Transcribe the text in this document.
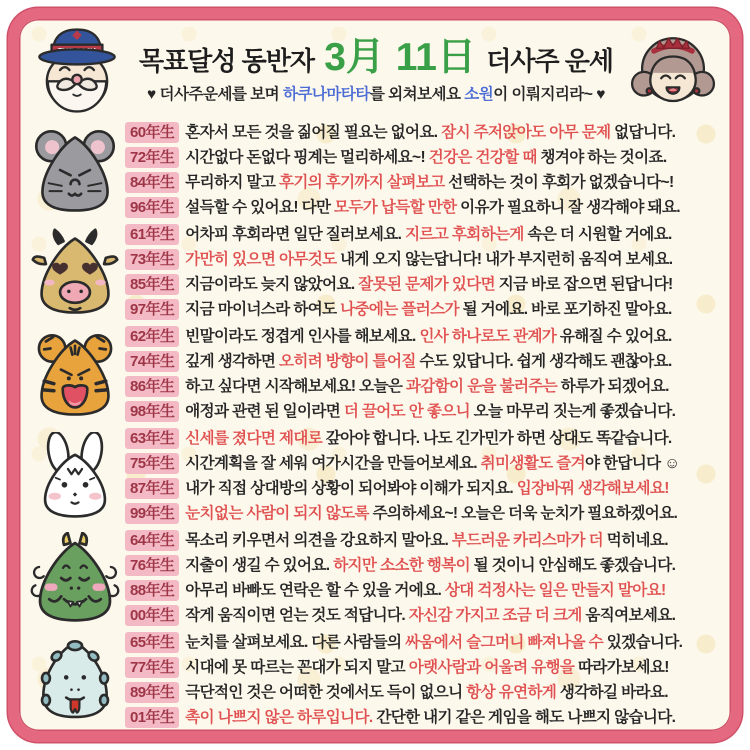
목표달성 동반자 3月 11日 더사주 운세
♥ 더사주운세를 보며 하쿠나마타타를 외쳐보세요 소원이 이뤄지리라~ ♥
60年生 혼자서 모든 것을 짊어질 필요는 없어요. 잠시 주저앉아도 아무 문제 없답니다.
72年生 시간없다 돈없다 핑계는 멀리하세요~! 건강은 건강할 때 챙겨야 하는 것이죠.
84年生 무리하지 말고 후기의 후기까지 살펴보고 선택하는 것이 후회가 없겠습니다~!
96年生 설득할 수 있어요! 다만 모두가 납득할 만한 이유가 필요하니 잘 생각해야 돼요.
61年生 어차피 후회라면 일단 질러보세요. 지르고 후회하는게 속은 더 시원할 거에요.
73年生 가만히 있으면 아무것도 내게 오지 않는답니다! 내가 부지런히 움직여 보세요.
85年生 지금이라도 늦지 않았어요. 잘못된 문제가 있다면 지금 바로 잡으면 된답니다!
97年生 지금 마이너스라 하여도 나중에는 플러스가 될 거에요. 바로 포기하진 말아요.
62年生 빈말이라도 정겹게 인사를 해보세요. 인사 하나로도 관계가 유해질 수 있어요.
74年生 깊게 생각하면 오히려 방향이 틀어질 수도 있답니다. 쉽게 생각해도 괜찮아요.
86年生 하고 싶다면 시작해보세요! 오늘은 과감함이 운을 불러주는 하루가 되겠어요.
98年生 애정과 관련 된 일이라면 더 끌어도 안 좋으니 오늘 마무리 짓는게 좋겠습니다.
63年生 신세를 졌다면 제대로 갚아야 합니다. 나도 긴가민가 하면 상대도 똑같습니다.
75年生 시간계획을 잘 세워 여가시간을 만들어보세요. 취미생활도 즐겨야 한답니다 ☺
87年生 내가 직접 상대방의 상황이 되어봐야 이해가 되지요. 입장바꿔 생각해보세요!
99年生 눈치없는 사람이 되지 않도록 주의하세요~! 오늘은 더욱 눈치가 필요하겠어요.
64年生 목소리 키우면서 의견을 강요하지 말아요. 부드러운 카리스마가 더 먹히네요.
76年生 지출이 생길 수 있어요. 하지만 소소한 행복이 될 것이니 안심해도 좋겠습니다.
88年生 아무리 바빠도 연락은 할 수 있을 거에요. 상대 걱정사는 일은 만들지 말아요!
00年生 작게 움직이면 얻는 것도 적답니다. 자신감 가지고 조금 더 크게 움직여보세요.
65年生 눈치를 살펴보세요. 다른 사람들의 싸움에서 슬그머니 빠져나올 수 있겠습니다.
77年生 시대에 못 따르는 꼰대가 되지 말고 아랫사람과 어울려 유행을 따라가보세요!
89年生 극단적인 것은 어떠한 것에서도 득이 없으니 항상 유연하게 생각하길 바라요.
01年生 촉이 나쁘지 않은 하루입니다. 간단한 내기 같은 게임을 해도 나쁘지 않습니다.
